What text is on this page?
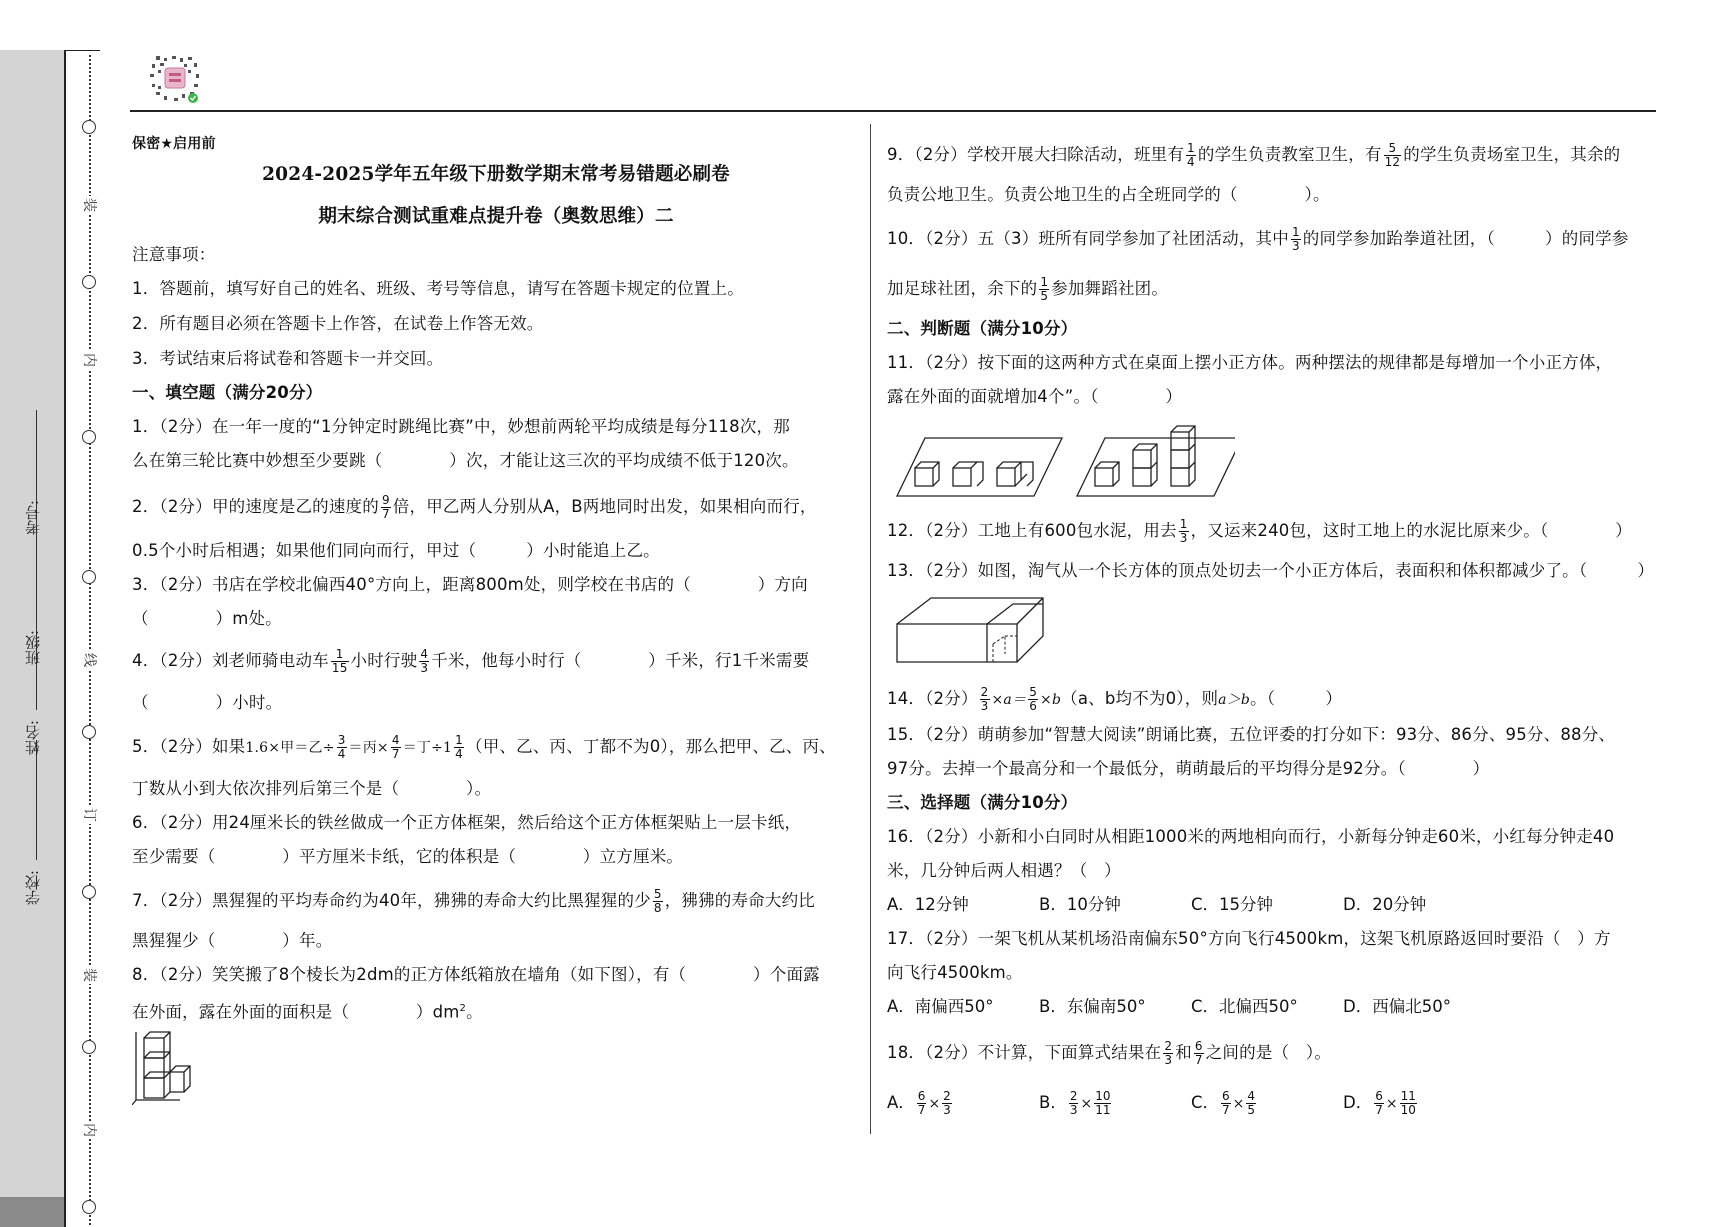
学校:
姓名:
班级:
考号:
装
内
线
订
装
内
保密★启用前
2024-2025学年五年级下册数学期末常考易错题必刷卷
期末综合测试重难点提升卷（奥数思维）二
注意事项：
1．答题前，填写好自己的姓名、班级、考号等信息，请写在答题卡规定的位置上。
2．所有题目必须在答题卡上作答，在试卷上作答无效。
3．考试结束后将试卷和答题卡一并交回。
一、填空题（满分20分）
1．（2分）在一年一度的“1分钟定时跳绳比赛”中，妙想前两轮平均成绩是每分118次，那
么在第三轮比赛中妙想至少要跳（　　　　）次，才能让这三次的平均成绩不低于120次。
2．（2分）甲的速度是乙的速度的 $\frac{9}{7}$ 倍，甲乙两人分别从A，B两地同时出发，如果相向而行，
0.5个小时后相遇；如果他们同向而行，甲过（　　　）小时能追上乙。
3．（2分）书店在学校北偏西40°方向上，距离800m处，则学校在书店的（　　　　）方向
（　　　　）m处。
4．（2分）刘老师骑电动车 $\frac{1}{15}$ 小时行驶 $\frac{4}{3}$ 千米，他每小时行（　　　　）千米，行1千米需要
（　　　　）小时。
5．（2分）如果1.6×甲＝乙÷ $\frac{3}{4}$ ＝丙× $\frac{4}{7}$ ＝丁$\div 1 \frac{1}{4}$ （甲、乙、丙、丁都不为0），那么把甲、乙、丙、
丁数从小到大依次排列后第三个是（　　　　）。
6．（2分）用24厘米长的铁丝做成一个正方体框架，然后给这个正方体框架贴上一层卡纸，
至少需要（　　　　）平方厘米卡纸，它的体积是（　　　　）立方厘米。
7．（2分）黑猩猩的平均寿命约为40年，狒狒的寿命大约比黑猩猩的少 $\frac{5}{8}$ ，狒狒的寿命大约比
黑猩猩少（　　　　）年。
8．（2分）笑笑搬了8个棱长为2dm的正方体纸箱放在墙角（如下图），有（　　　　）个面露
在外面，露在外面的面积是（　　　　）$dm^2$。
9．（2分）学校开展大扫除活动，班里有 $\frac{1}{4}$ 的学生负责教室卫生，有 $\frac{5}{12}$ 的学生负责场室卫生，其余的
负责公地卫生。负责公地卫生的占全班同学的（　　　　）。
10．（2分）五（3）班所有同学参加了社团活动，其中 $\frac{1}{3}$ 的同学参加跆拳道社团，（　　　）的同学参
加足球社团，余下的 $\frac{1}{5}$ 参加舞蹈社团。
二、判断题（满分10分）
11．（2分）按下面的这两种方式在桌面上摆小正方体。两种摆法的规律都是每增加一个小正方体，
露在外面的面就增加4个”。（　　　　）
12．（2分）工地上有600包水泥，用去 $\frac{1}{3}$ ，又运来240包，这时工地上的水泥比原来少。（　　　　）
13．（2分）如图，淘气从一个长方体的顶点处切去一个小正方体后，表面积和体积都减少了。（　　　）
14．（2分） $\frac{2}{3} \times a= \frac{5}{6} \times b(a$、b均不为0），则a＞b。（　　　）
15．（2分）萌萌参加“智慧大阅读”朗诵比赛，五位评委的打分如下：93分、86分、95分、88分、
97分。去掉一个最高分和一个最低分，萌萌最后的平均得分是92分。（　　　　）
三、选择题（满分10分）
16．（2分）小新和小白同时从相距1000米的两地相向而行，小新每分钟走60米，小红每分钟走40
米，几分钟后两人相遇？（　）
A．12分钟	B．10分钟	C．15分钟	D．20分钟
17．（2分）一架飞机从某机场沿南偏东50°方向飞行4500km，这架飞机原路返回时要沿（　）方
向飞行4500km。
A．南偏西50°	B．东偏南50°	C．北偏西50°	D．西偏北50°
18．（2分）不计算，下面算式结果在 $\frac{2}{3}$ 和 $\frac{6}{7}$ 之间的是（　）。
A． $\frac{6}{7} \times \frac{2}{3}$	B． $\frac{2}{3} \times \frac{10}{11}$	C． $\frac{6}{7} \times \frac{4}{5}$	D． $\frac{6}{7} \times \frac{11}{10}$
